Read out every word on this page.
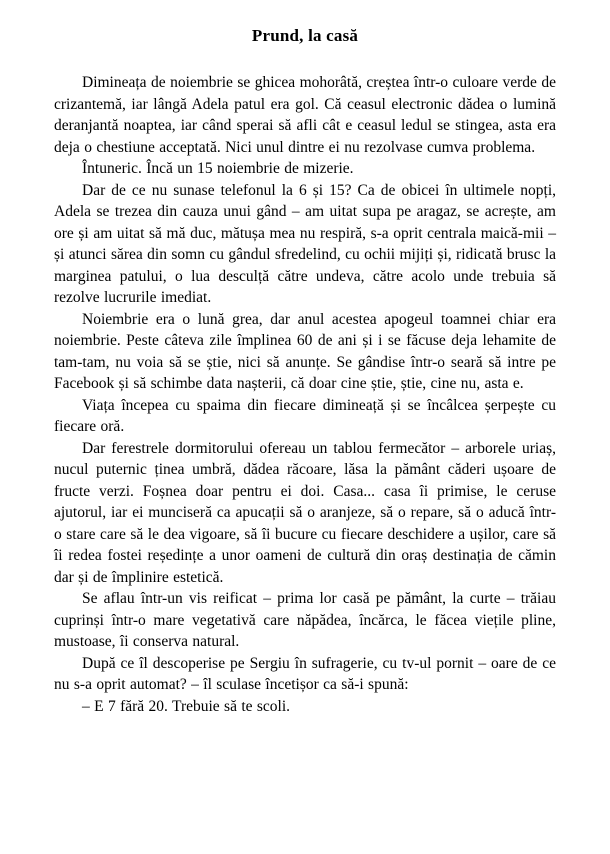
Prund, la casă

Dimineața de noiembrie se ghicea mohorâtă, creștea într-o culoare verde de crizantemă, iar lângă Adela patul era gol. Că ceasul electronic dădea o lumină deranjantă noaptea, iar când sperai să afli cât e ceasul ledul se stingea, asta era deja o chestiune acceptată. Nici unul dintre ei nu rezolvase cumva problema.

Întuneric. Încă un 15 noiembrie de mizerie.

Dar de ce nu sunase telefonul la 6 și 15? Ca de obicei în ultimele nopți, Adela se trezea din cauza unui gând – am uitat supa pe aragaz, se acrește, am ore și am uitat să mă duc, mătușa mea nu respiră, s-a oprit centrala maică-mii – și atunci sărea din somn cu gândul sfredelind, cu ochii mijiți și, ridicată brusc la marginea patului, o lua desculță către undeva, către acolo unde trebuia să rezolve lucrurile imediat.

Noiembrie era o lună grea, dar anul acestea apogeul toamnei chiar era noiembrie. Peste câteva zile împlinea 60 de ani și i se făcuse deja lehamite de tam-tam, nu voia să se știe, nici să anunțe. Se gândise într-o seară să intre pe Facebook și să schimbe data nașterii, că doar cine știe, știe, cine nu, asta e.

Viața începea cu spaima din fiecare dimineață și se încâlcea șerpește cu fiecare oră.

Dar ferestrele dormitorului ofereau un tablou fermecător – arborele uriaș, nucul puternic ținea umbră, dădea răcoare, lăsa la pământ căderi ușoare de fructe verzi. Foșnea doar pentru ei doi. Casa... casa îi primise, le ceruse ajutorul, iar ei munciseră ca apucații să o aranjeze, să o repare, să o aducă într-o stare care să le dea vigoare, să îi bucure cu fiecare deschidere a ușilor, care să îi redea fostei reședințe a unor oameni de cultură din oraș destinația de cămin dar și de împlinire estetică.

Se aflau într-un vis reificat – prima lor casă pe pământ, la curte – trăiau cuprinși într-o mare vegetativă care năpădea, încărca, le făcea viețile pline, mustoase, îi conserva natural.

După ce îl descoperise pe Sergiu în sufragerie, cu tv-ul pornit – oare de ce nu s-a oprit automat? – îl sculase încetișor ca să-i spună:

– E 7 fără 20. Trebuie să te scoli.
